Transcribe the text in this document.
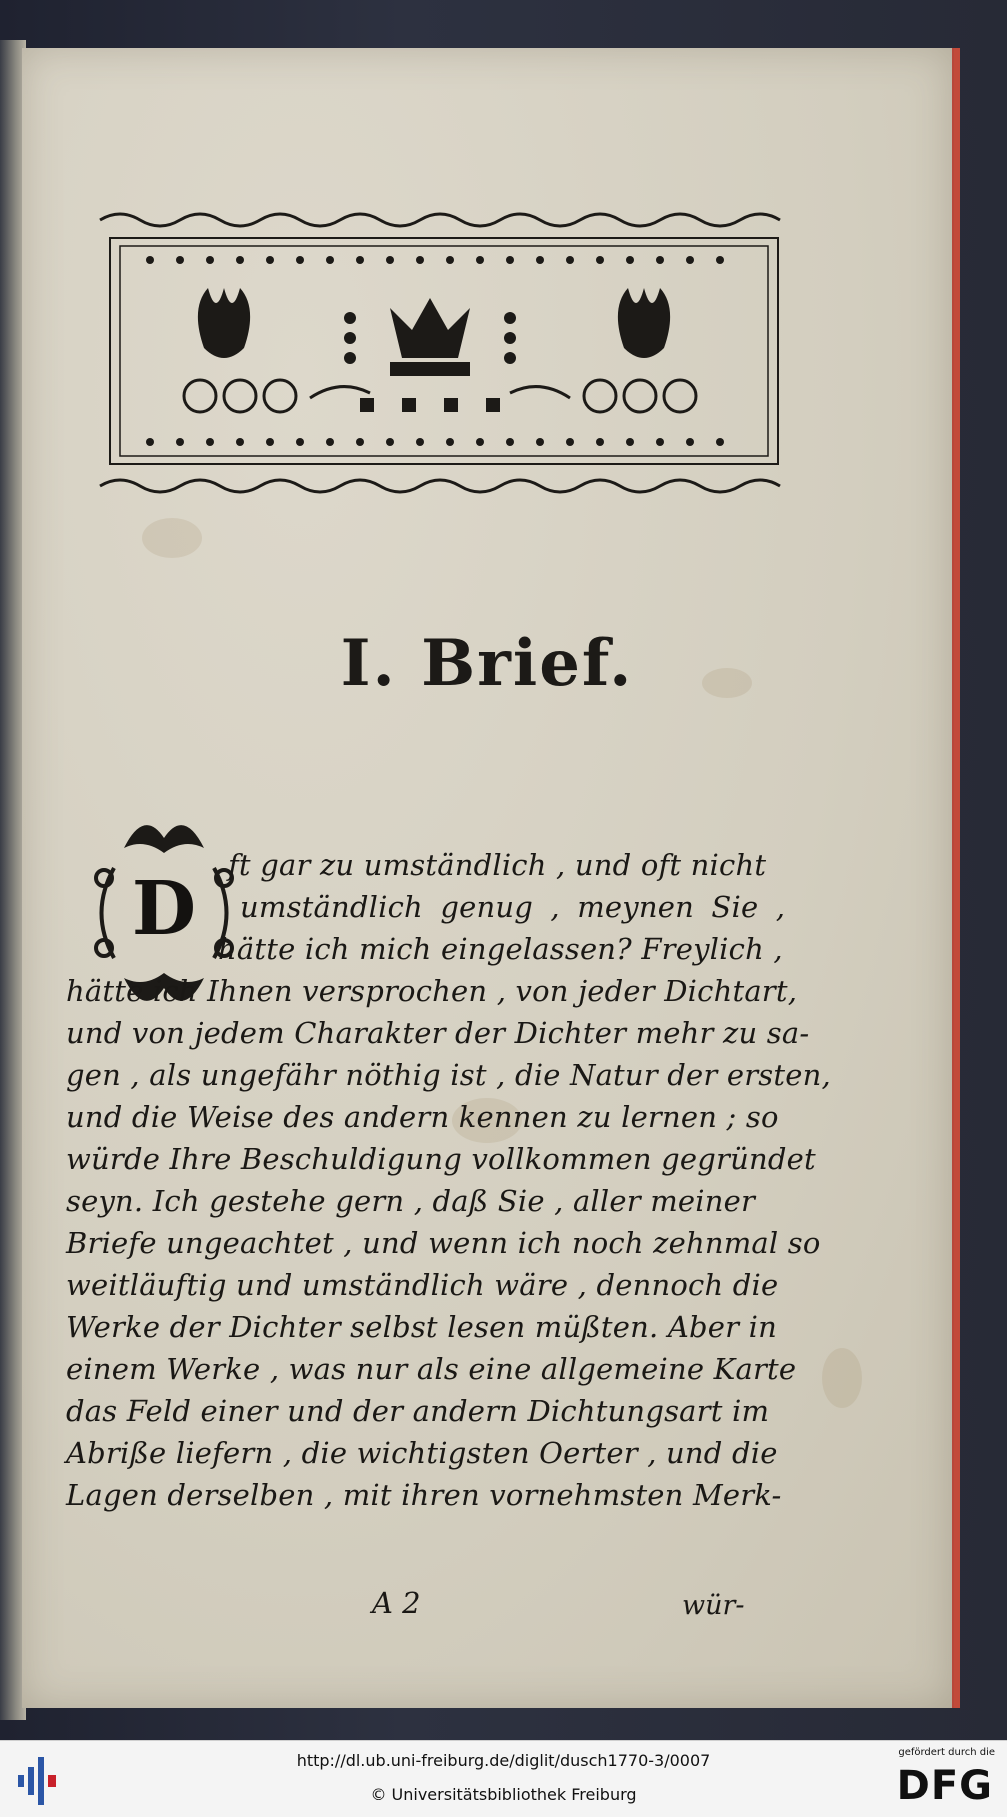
I. Brief.
D
ft gar zu umständlich , und oft nicht
umständlich genug , meynen Sie ,
hätte ich mich eingelassen? Freylich ,
hätte ich Ihnen versprochen , von jeder Dichtart,
und von jedem Charakter der Dichter mehr zu sa-
gen , als ungefähr nöthig ist , die Natur der ersten,
und die Weise des andern kennen zu lernen ; so
würde Ihre Beschuldigung vollkommen gegründet
seyn. Ich gestehe gern , daß Sie , aller meiner
Briefe ungeachtet , und wenn ich noch zehnmal so
weitläuftig und umständlich wäre , dennoch die
Werke der Dichter selbst lesen müßten. Aber in
einem Werke , was nur als eine allgemeine Karte
das Feld einer und der andern Dichtungsart im
Abriße liefern , die wichtigsten Oerter , und die
Lagen derselben , mit ihren vornehmsten Merk-
A 2	wür-
http://dl.ub.uni-freiburg.de/diglit/dusch1770-3/0007
© Universitätsbibliothek Freiburg
gefördert durch die
DFG
